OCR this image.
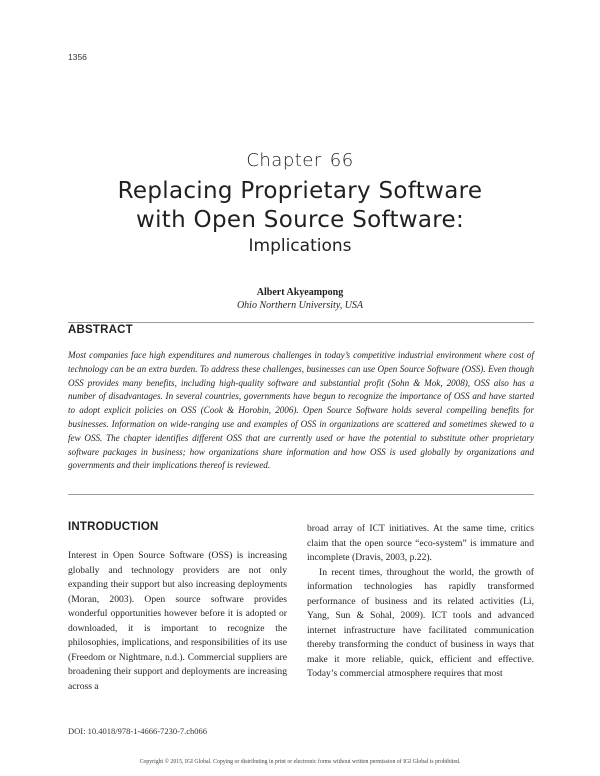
1356
Chapter 66
Replacing Proprietary Software
with Open Source Software:
Implications
Albert Akyeampong
Ohio Northern University, USA
ABSTRACT
Most companies face high expenditures and numerous challenges in today’s competitive industrial environment where cost of technology can be an extra burden. To address these challenges, businesses can use Open Source Software (OSS). Even though OSS provides many benefits, including high-quality software and substantial profit (Sohn & Mok, 2008), OSS also has a number of disadvantages. In several countries, governments have begun to recognize the importance of OSS and have started to adopt explicit policies on OSS (Cook & Horobin, 2006). Open Source Software holds several compelling benefits for businesses. Information on wide-ranging use and examples of OSS in organizations are scattered and sometimes skewed to a few OSS. The chapter identifies different OSS that are currently used or have the potential to substitute other proprietary software packages in business; how organizations share information and how OSS is used globally by organizations and governments and their implications thereof is reviewed.
INTRODUCTION

Interest in Open Source Software (OSS) is increasing globally and technology providers are not only expanding their support but also increasing deployments (Moran, 2003). Open source software provides wonderful opportunities however before it is adopted or downloaded, it is important to recognize the philosophies, implications, and responsibilities of its use (Freedom or Nightmare, n.d.). Commercial suppliers are broadening their support and deployments are increasing across a

broad array of ICT initiatives. At the same time, critics claim that the open source “eco-system” is immature and incomplete (Dravis, 2003, p.22).

In recent times, throughout the world, the growth of information technologies has rapidly transformed performance of business and its related activities (Li, Yang, Sun & Sohal, 2009). ICT tools and advanced internet infrastructure have facilitated communication thereby transforming the conduct of business in ways that make it more reliable, quick, efficient and effective. Today’s commercial atmosphere requires that most

DOI: 10.4018/978-1-4666-7230-7.ch066
Copyright © 2015, IGI Global. Copying or distributing in print or electronic forms without written permission of IGI Global is prohibited.
